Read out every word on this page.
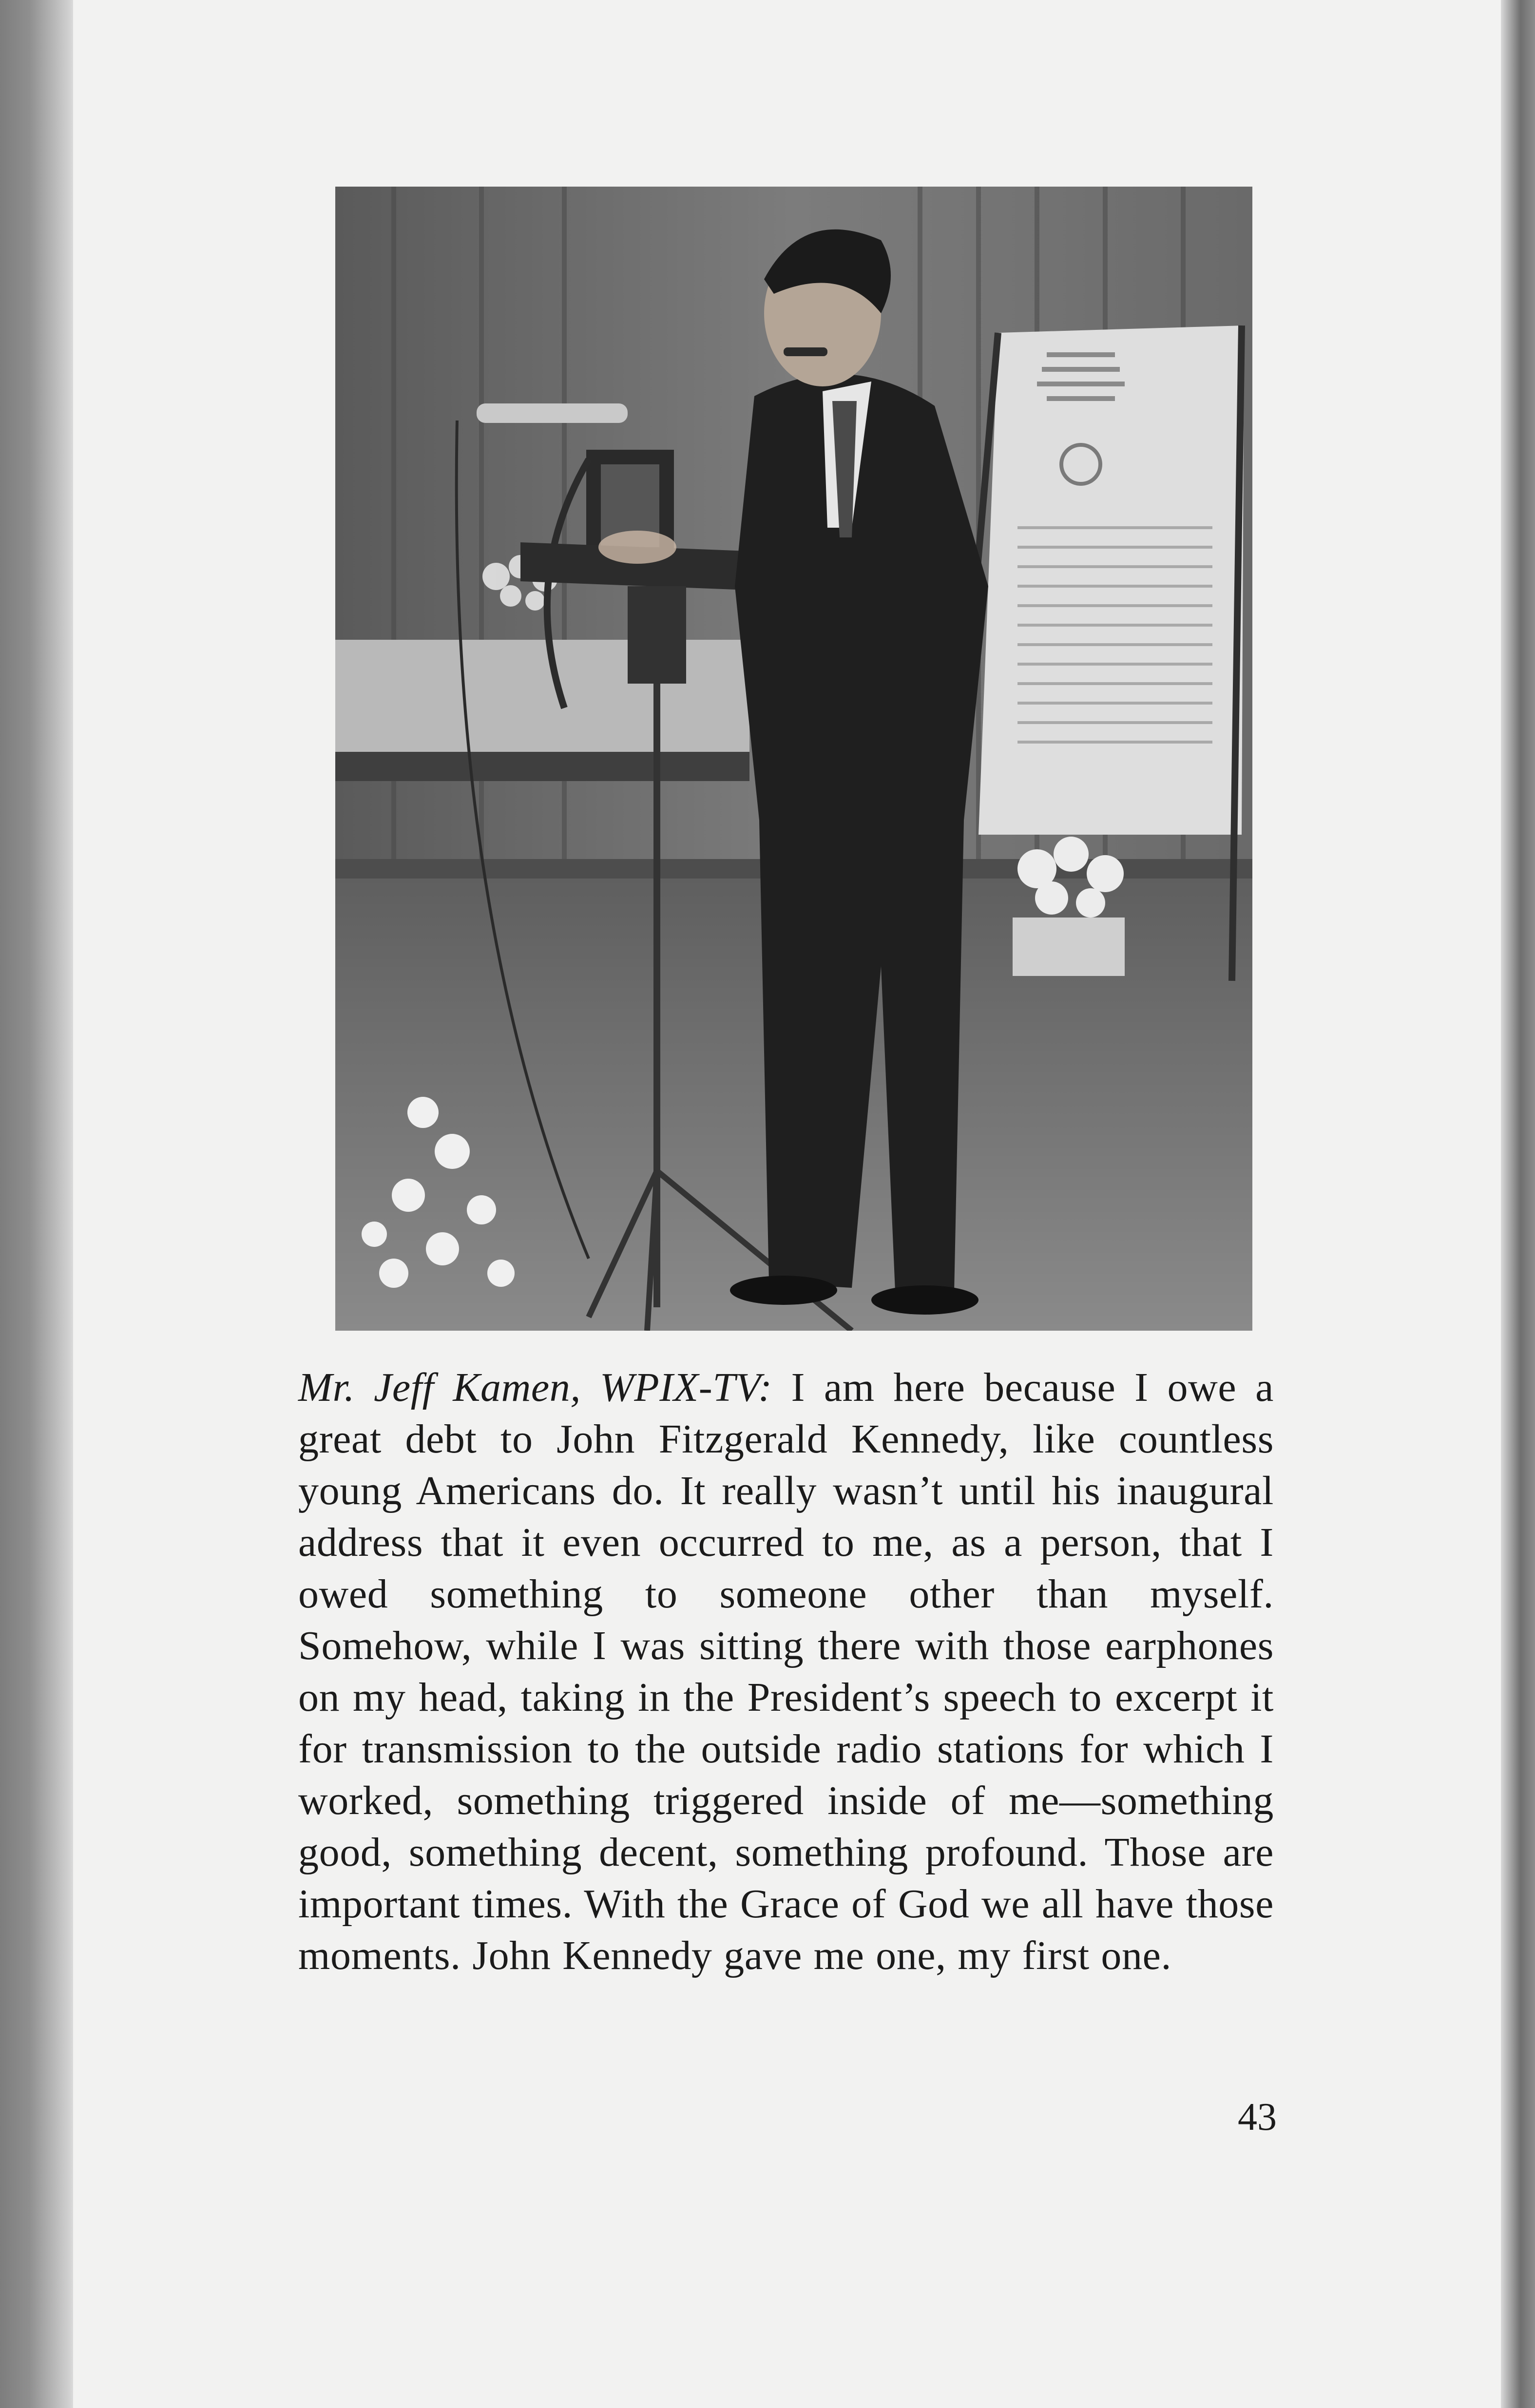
Mr. Jeff Kamen, WPIX-TV: I am here because I owe a great debt to John Fitzgerald Kennedy, like countless young Americans do. It really wasn’t until his inaugural address that it even occurred to me, as a person, that I owed something to someone other than myself. Somehow, while I was sitting there with those earphones on my head, taking in the President’s speech to excerpt it for transmission to the outside radio stations for which I worked, something triggered inside of me—something good, something decent, something profound. Those are important times. With the Grace of God we all have those moments. John Kennedy gave me one, my first one.
43
